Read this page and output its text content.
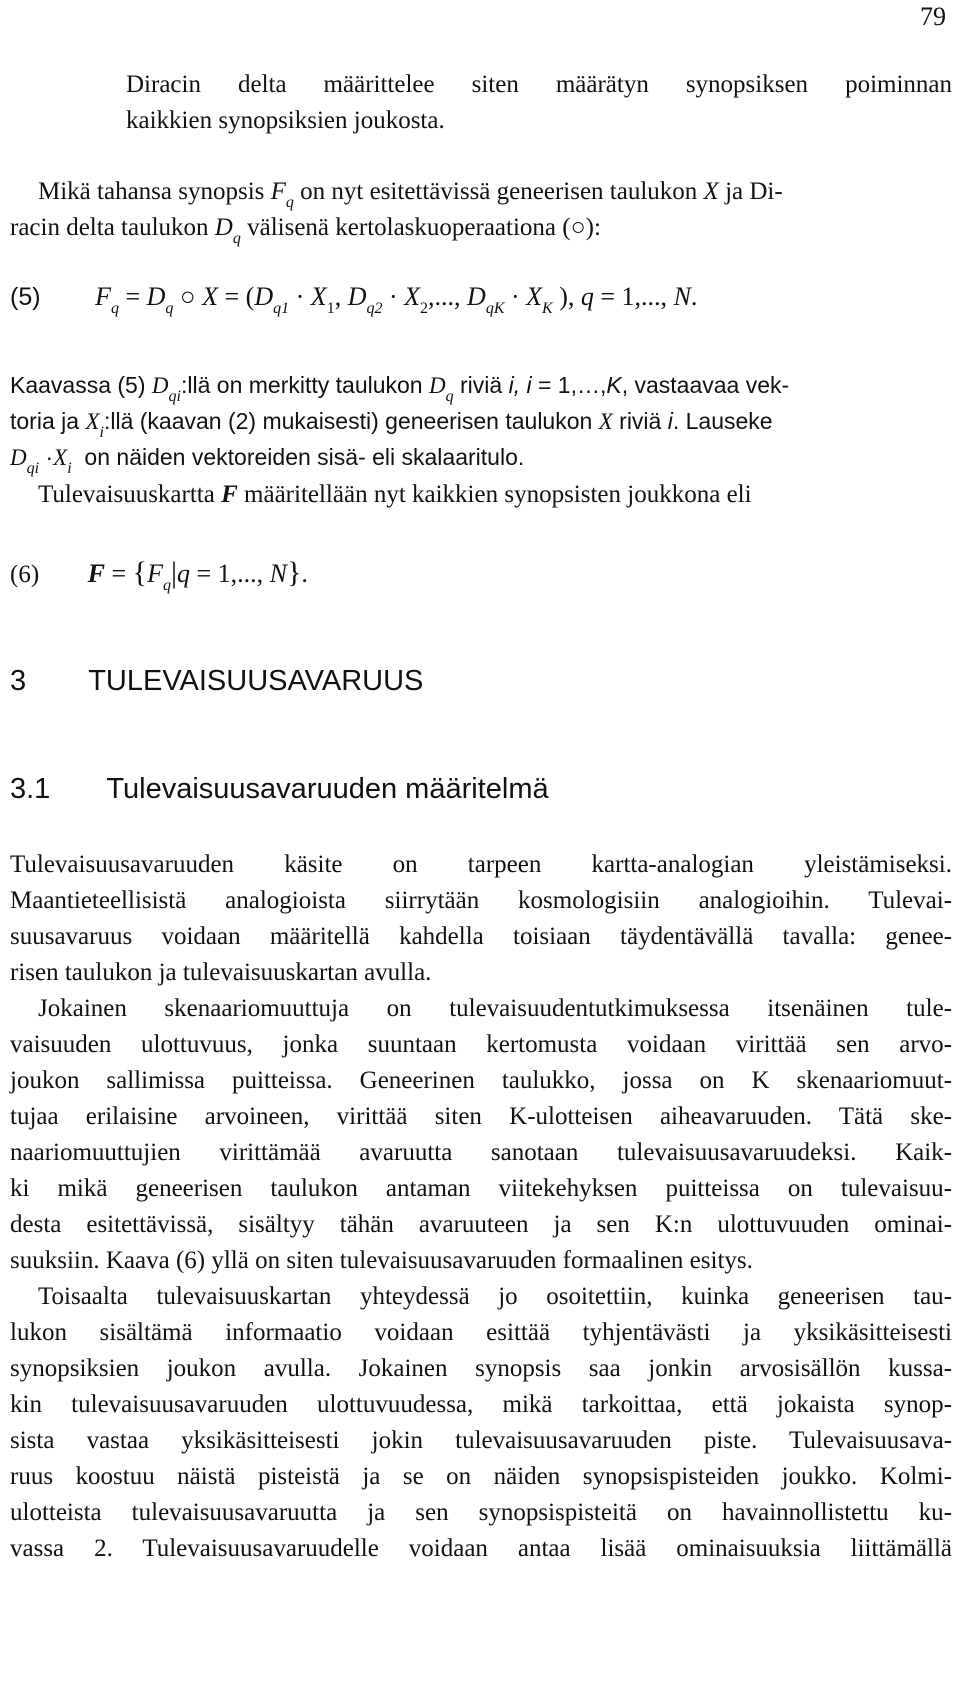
79
Diracin delta määrittelee siten määrätyn synopsiksen poiminnan
kaikkien synopsiksien joukosta.
Mikä tahansa synopsis $F_q$ on nyt esitettävissä geneerisen taulukon X ja Di-
racin delta taulukon $D_q$ välisenä kertolaskuoperaationa (○):
(5) $F_q = D_q$ ○ $X = (D_{q1} \cdot X_1$, $D_{q2} \cdot X_2$,..., $D_{qK} \cdot X_K$ ), q = 1,..., N.
Kaavassa (5) $D_{qi}:llä$ on merkitty taulukon $D_q$ riviä i, i = 1,…,K, vastaavaa vek-
toria ja $X_i:llä$ (kaavan (2) mukaisesti) geneerisen taulukon X riviä i. Lauseke
$D_{qi} \cdot X_i$  on näiden vektoreiden sisä- eli skalaaritulo.
Tulevaisuuskartta F määritellään nyt kaikkien synopsisten joukkona eli
(6) $F = \{F_q|q = 1$,..., N}.
3 TULEVAISUUSAVARUUS
3.1 Tulevaisuusavaruuden määritelmä
Tulevaisuusavaruuden käsite on tarpeen kartta-analogian yleistämiseksi.
Maantieteellisistä analogioista siirrytään kosmologisiin analogioihin. Tulevai-
suusavaruus voidaan määritellä kahdella toisiaan täydentävällä tavalla: genee-
risen taulukon ja tulevaisuuskartan avulla.
Jokainen skenaariomuuttuja on tulevaisuudentutkimuksessa itsenäinen tule-
vaisuuden ulottuvuus, jonka suuntaan kertomusta voidaan virittää sen arvo-
joukon sallimissa puitteissa. Geneerinen taulukko, jossa on K skenaariomuut-
tujaa erilaisine arvoineen, virittää siten K-ulotteisen aiheavaruuden. Tätä ske-
naariomuuttujien virittämää avaruutta sanotaan tulevaisuusavaruudeksi. Kaik-
ki mikä geneerisen taulukon antaman viitekehyksen puitteissa on tulevaisuu-
desta esitettävissä, sisältyy tähän avaruuteen ja sen K:n ulottuvuuden ominai-
suuksiin. Kaava (6) yllä on siten tulevaisuusavaruuden formaalinen esitys.
Toisaalta tulevaisuuskartan yhteydessä jo osoitettiin, kuinka geneerisen tau-
lukon sisältämä informaatio voidaan esittää tyhjentävästi ja yksikäsitteisesti
synopsiksien joukon avulla. Jokainen synopsis saa jonkin arvosisällön kussa-
kin tulevaisuusavaruuden ulottuvuudessa, mikä tarkoittaa, että jokaista synop-
sista vastaa yksikäsitteisesti jokin tulevaisuusavaruuden piste. Tulevaisuusava-
ruus koostuu näistä pisteistä ja se on näiden synopsispisteiden joukko. Kolmi-
ulotteista tulevaisuusavaruutta ja sen synopsispisteitä on havainnollistettu ku-
vassa 2. Tulevaisuusavaruudelle voidaan antaa lisää ominaisuuksia liittämällä
